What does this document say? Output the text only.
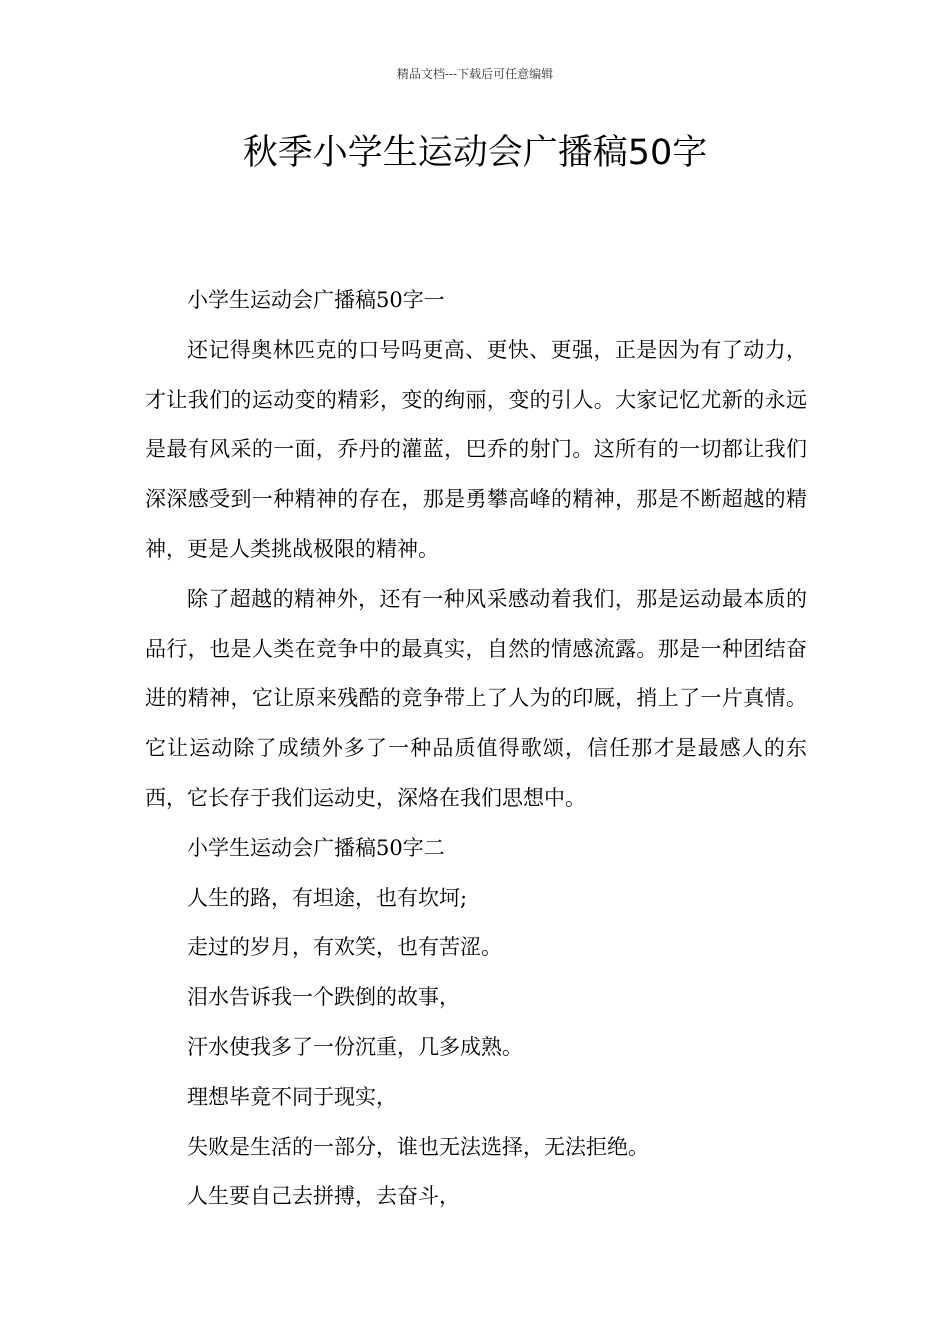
精品文档---下载后可任意编辑
秋季小学生运动会广播稿50字

小学生运动会广播稿50字一

还记得奥林匹克的口号吗更高、更快、更强，正是因为有了动力，才让我们的运动变的精彩，变的绚丽，变的引人。大家记忆尤新的永远是最有风采的一面，乔丹的灌蓝，巴乔的射门。这所有的一切都让我们深深感受到一种精神的存在，那是勇攀高峰的精神，那是不断超越的精神，更是人类挑战极限的精神。

除了超越的精神外，还有一种风采感动着我们，那是运动最本质的品行，也是人类在竞争中的最真实，自然的情感流露。那是一种团结奋进的精神，它让原来残酷的竞争带上了人为的印厩，捎上了一片真情。它让运动除了成绩外多了一种品质值得歌颂，信任那才是最感人的东西，它长存于我们运动史，深烙在我们思想中。

小学生运动会广播稿50字二

人生的路，有坦途，也有坎坷;

走过的岁月，有欢笑，也有苦涩。

泪水告诉我一个跌倒的故事，

汗水使我多了一份沉重，几多成熟。

理想毕竟不同于现实，

失败是生活的一部分，谁也无法选择，无法拒绝。

人生要自己去拼搏，去奋斗，
